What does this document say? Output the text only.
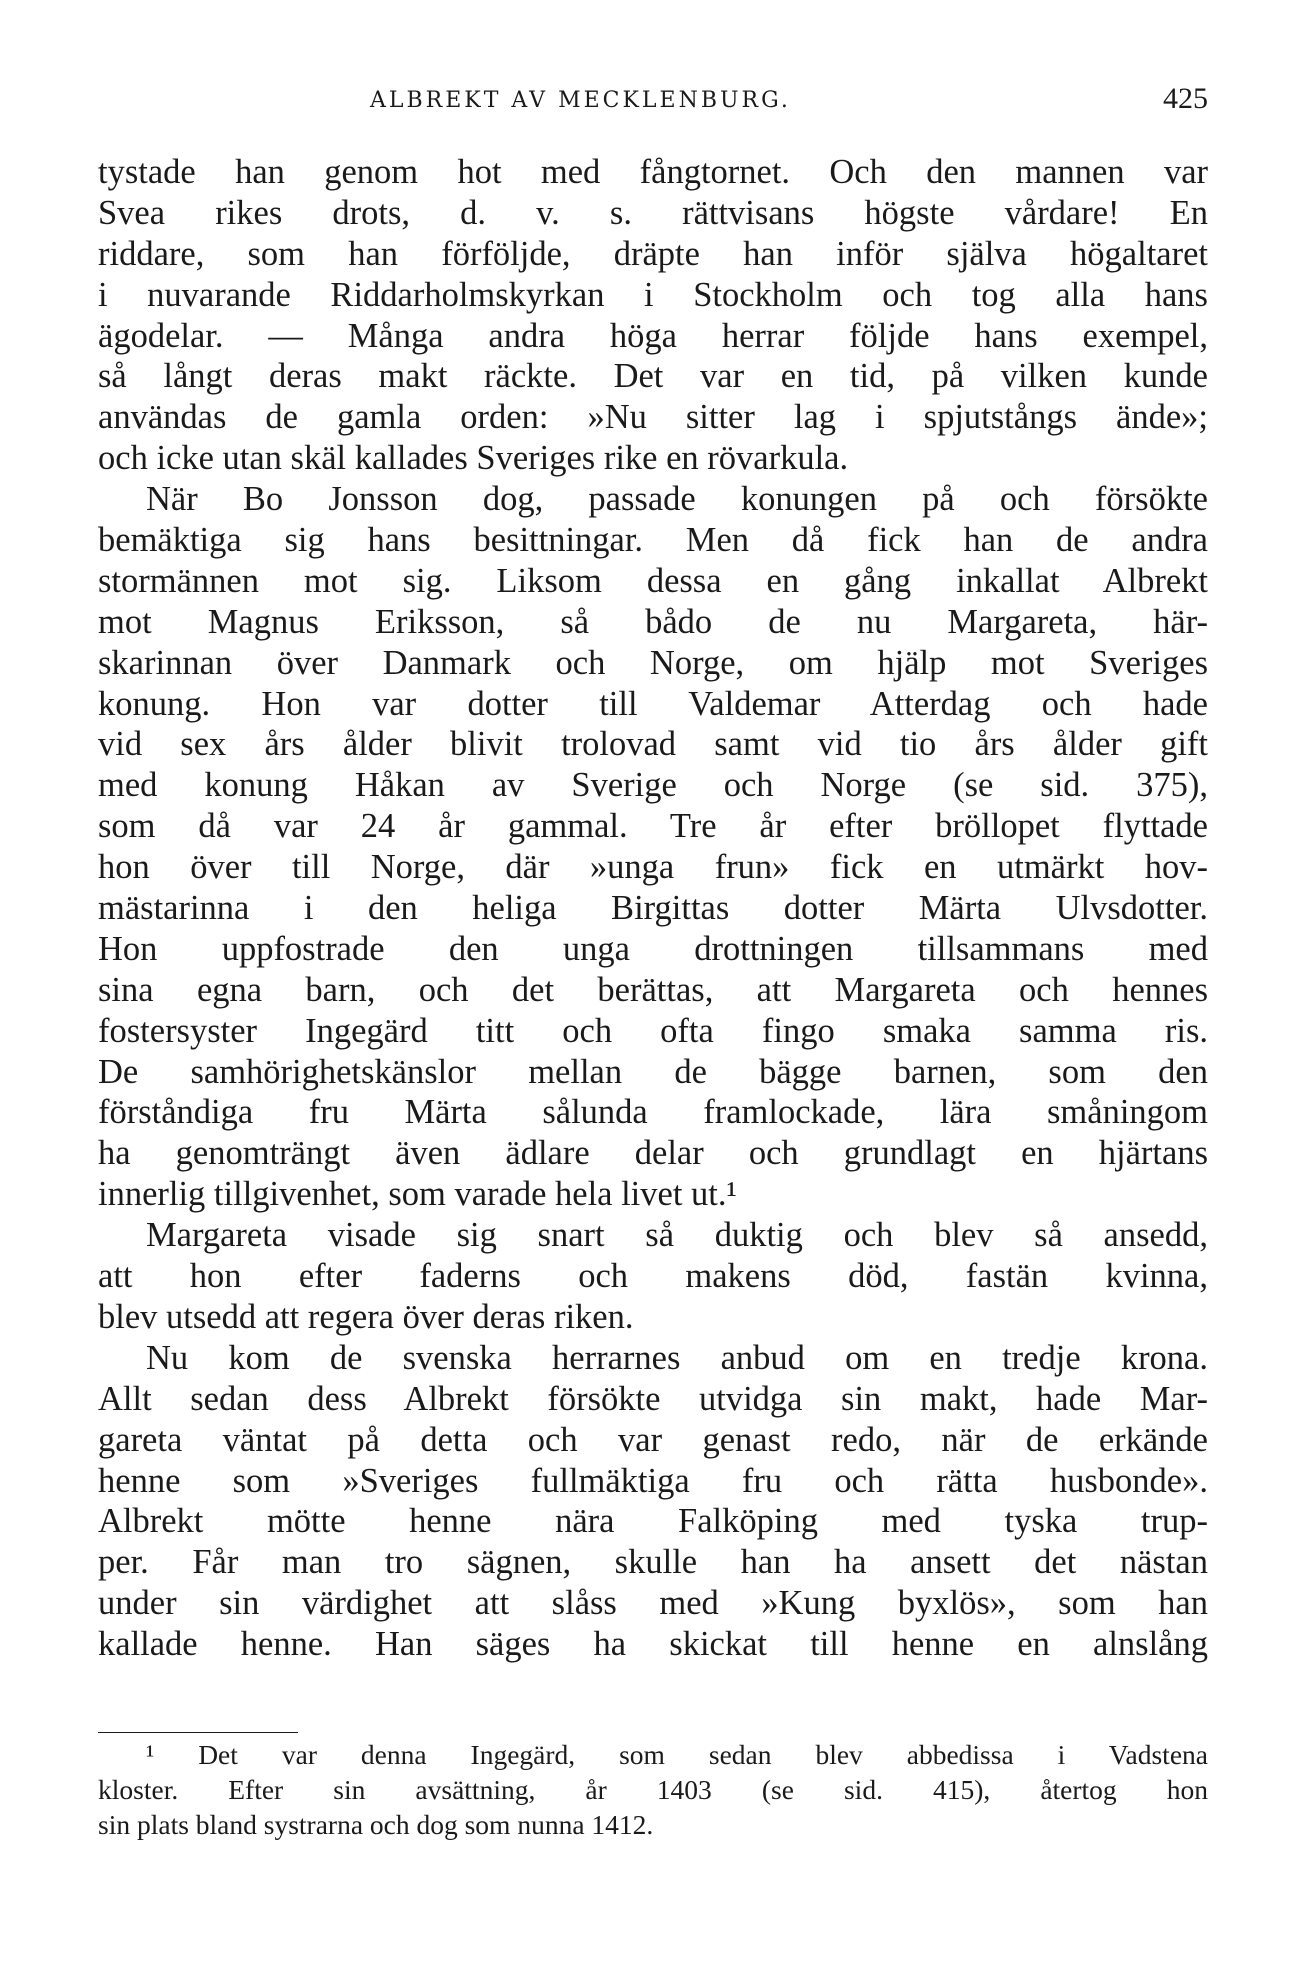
ALBREKT AV MECKLENBURG.	425
tystade han genom hot med fångtornet. Och den mannen var
Svea rikes drots, d. v. s. rättvisans högste vårdare! En
riddare, som han förföljde, dräpte han inför själva högaltaret
i nuvarande Riddarholmskyrkan i Stockholm och tog alla hans
ägodelar. — Många andra höga herrar följde hans exempel,
så långt deras makt räckte. Det var en tid, på vilken kunde
användas de gamla orden: »Nu sitter lag i spjutstångs ände»;
och icke utan skäl kallades Sveriges rike en rövarkula.
När Bo Jonsson dog, passade konungen på och försökte
bemäktiga sig hans besittningar. Men då fick han de andra
stormännen mot sig. Liksom dessa en gång inkallat Albrekt
mot Magnus Eriksson, så bådo de nu Margareta, här-
skarinnan över Danmark och Norge, om hjälp mot Sveriges
konung. Hon var dotter till Valdemar Atterdag och hade
vid sex års ålder blivit trolovad samt vid tio års ålder gift
med konung Håkan av Sverige och Norge (se sid. 375),
som då var 24 år gammal. Tre år efter bröllopet flyttade
hon över till Norge, där »unga frun» fick en utmärkt hov-
mästarinna i den heliga Birgittas dotter Märta Ulvsdotter.
Hon uppfostrade den unga drottningen tillsammans med
sina egna barn, och det berättas, att Margareta och hennes
fostersyster Ingegärd titt och ofta fingo smaka samma ris.
De samhörighetskänslor mellan de bägge barnen, som den
förståndiga fru Märta sålunda framlockade, lära småningom
ha genomträngt även ädlare delar och grundlagt en hjärtans
innerlig tillgivenhet, som varade hela livet ut.¹
Margareta visade sig snart så duktig och blev så ansedd,
att hon efter faderns och makens död, fastän kvinna,
blev utsedd att regera över deras riken.
Nu kom de svenska herrarnes anbud om en tredje krona.
Allt sedan dess Albrekt försökte utvidga sin makt, hade Mar-
gareta väntat på detta och var genast redo, när de erkände
henne som »Sveriges fullmäktiga fru och rätta husbonde».
Albrekt mötte henne nära Falköping med tyska trup-
per. Får man tro sägnen, skulle han ha ansett det nästan
under sin värdighet att slåss med »Kung byxlös», som han
kallade henne. Han säges ha skickat till henne en alnslång
¹ Det var denna Ingegärd, som sedan blev abbedissa i Vadstena
kloster. Efter sin avsättning, år 1403 (se sid. 415), återtog hon
sin plats bland systrarna och dog som nunna 1412.
